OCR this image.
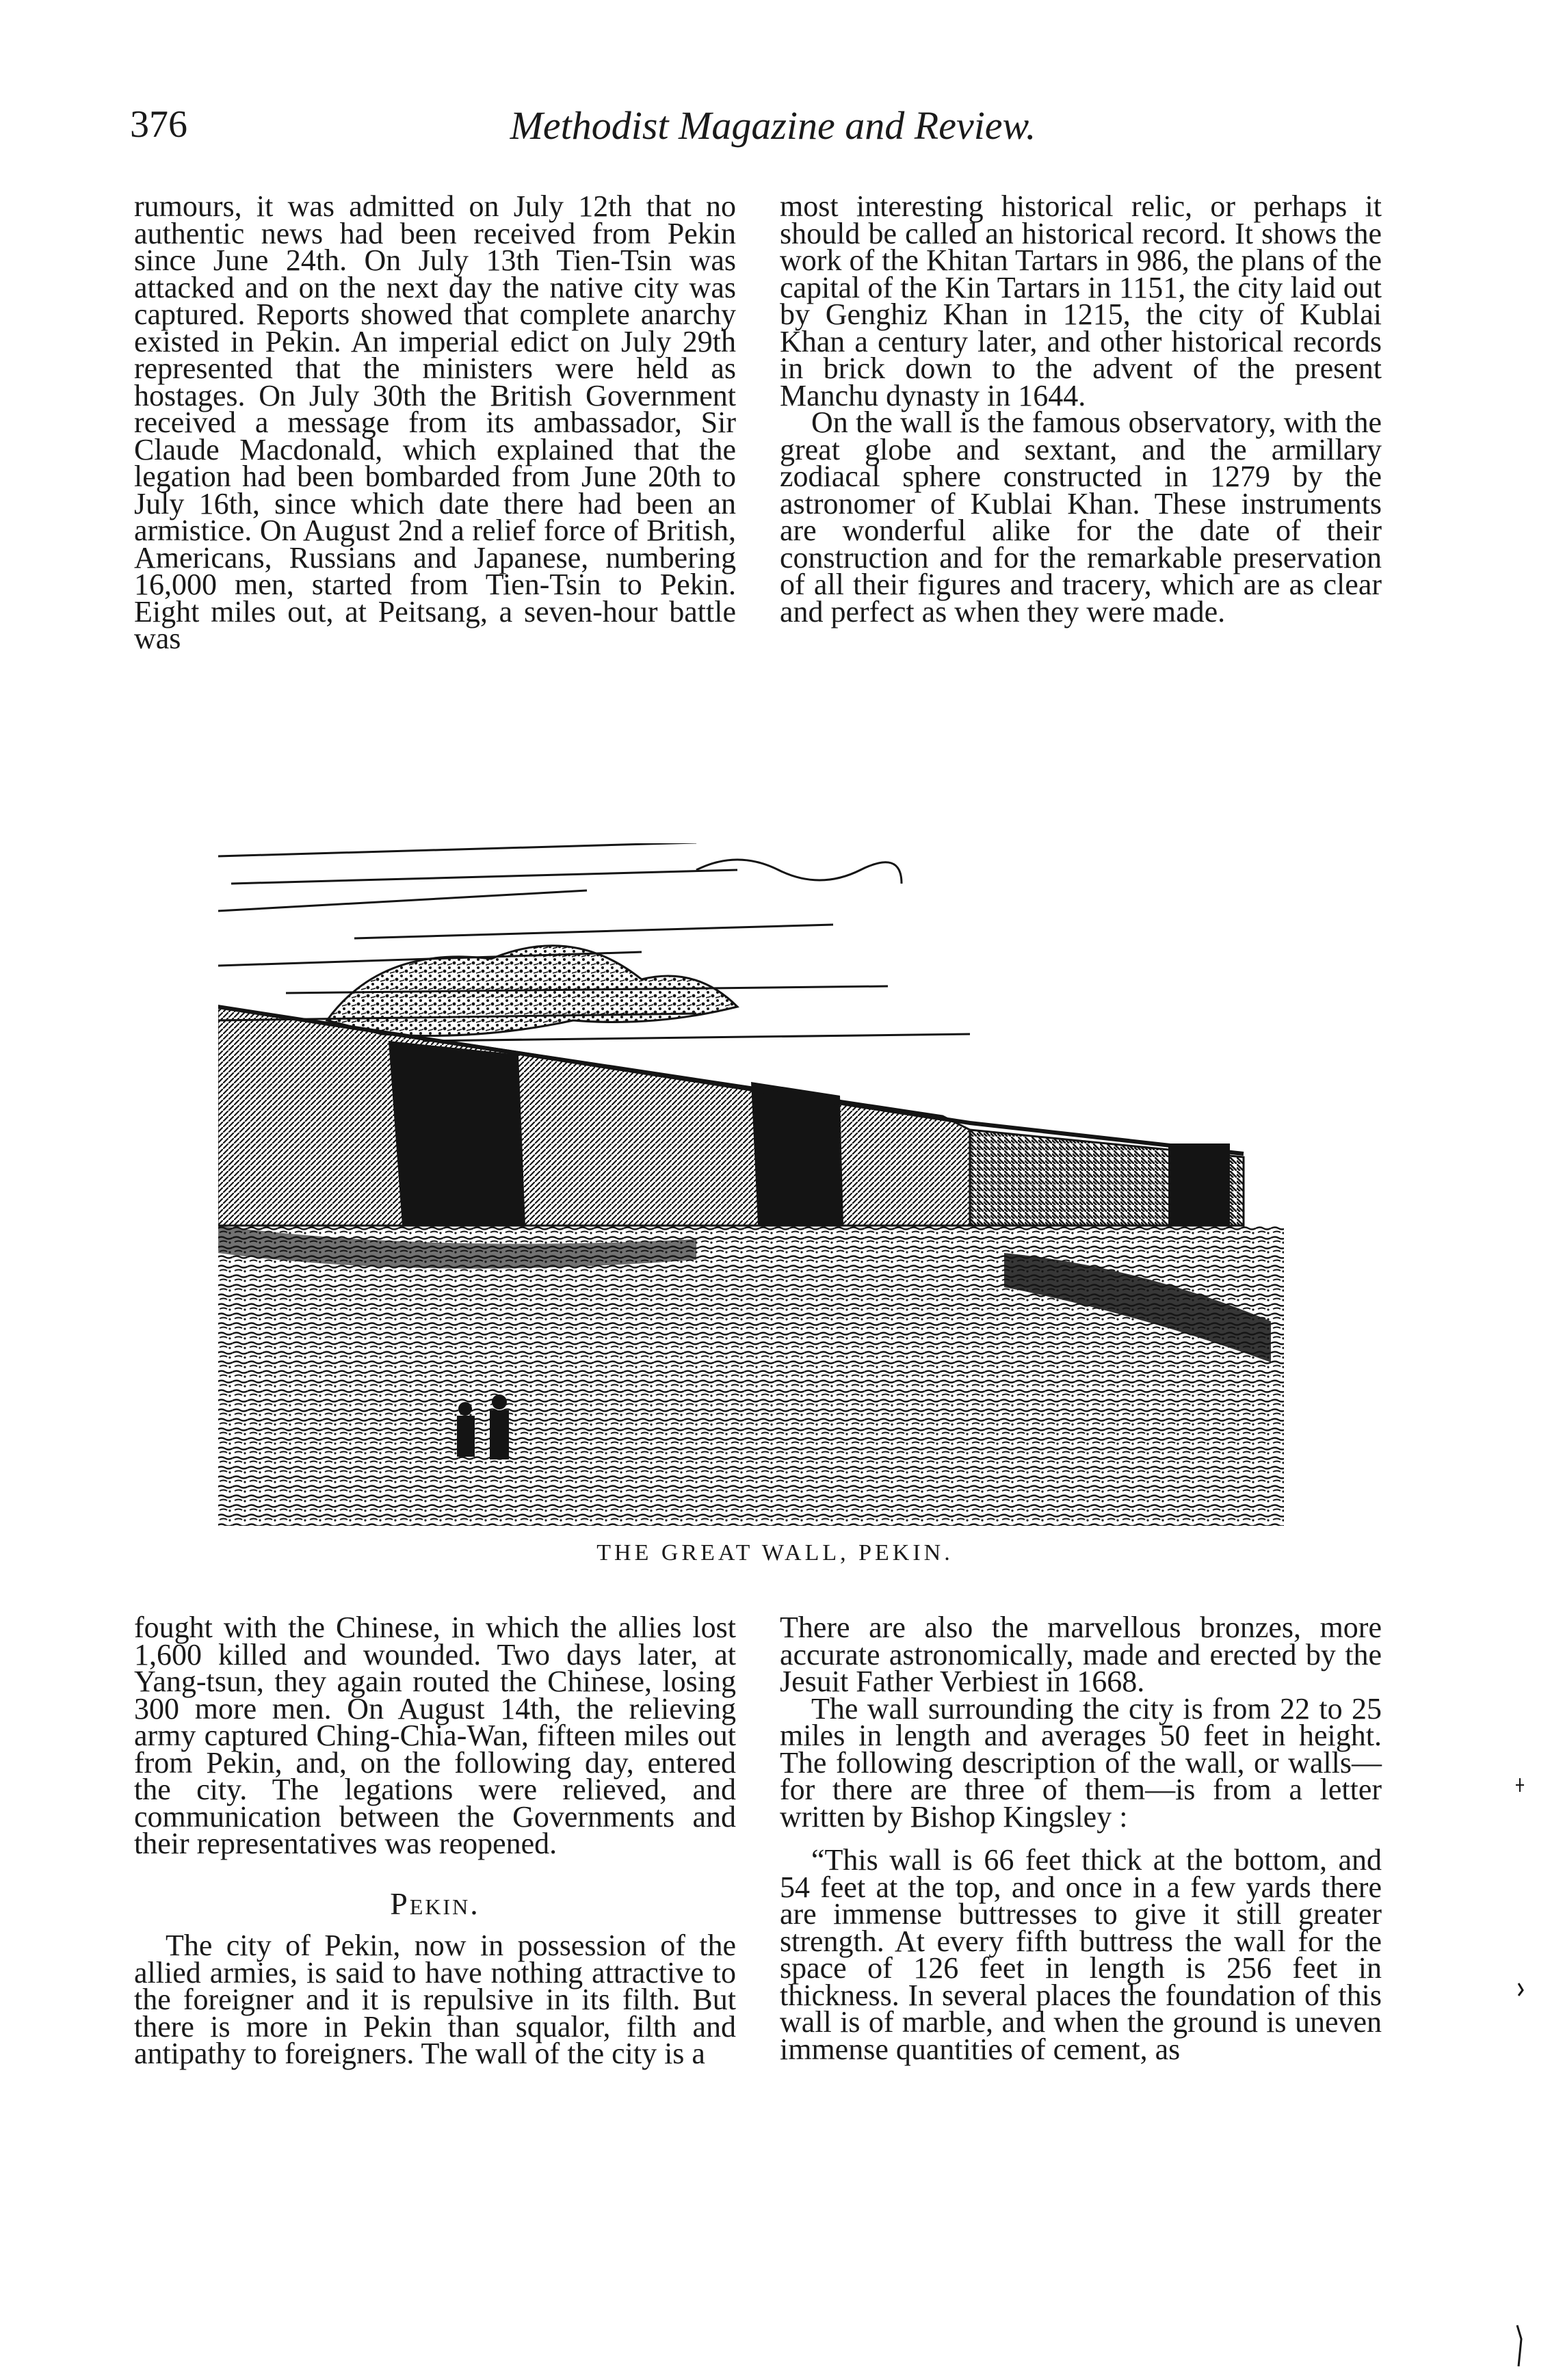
376	Methodist Magazine and Review.

rumours, it was admitted on July 12th that no authentic news had been received from Pekin since June 24th. On July 13th Tien-Tsin was attacked and on the next day the native city was captured. Reports showed that complete anarchy existed in Pekin. An imperial edict on July 29th represented that the ministers were held as hostages. On July 30th the British Government received a message from its ambassador, Sir Claude Macdonald, which explained that the legation had been bombarded from June 20th to July 16th, since which date there had been an armistice. On August 2nd a relief force of British, Americans, Russians and Japanese, numbering 16,000 men, started from Tien-Tsin to Pekin. Eight miles out, at Peitsang, a seven-hour battle was

most interesting historical relic, or perhaps it should be called an historical record. It shows the work of the Khitan Tartars in 986, the plans of the capital of the Kin Tartars in 1151, the city laid out by Genghiz Khan in 1215, the city of Kublai Khan a century later, and other historical records in brick down to the advent of the present Manchu dynasty in 1644.

On the wall is the famous observatory, with the great globe and sextant, and the armillary zodiacal sphere constructed in 1279 by the astronomer of Kublai Khan. These instruments are wonderful alike for the date of their construction and for the remarkable preservation of all their figures and tracery, which are as clear and perfect as when they were made.

THE GREAT WALL, PEKIN.

fought with the Chinese, in which the allies lost 1,600 killed and wounded. Two days later, at Yang-tsun, they again routed the Chinese, losing 300 more men. On August 14th, the relieving army captured Ching-Chia-Wan, fifteen miles out from Pekin, and, on the following day, entered the city. The legations were relieved, and communication between the Governments and their representatives was reopened.

Pekin.

The city of Pekin, now in possession of the allied armies, is said to have nothing attractive to the foreigner and it is repulsive in its filth. But there is more in Pekin than squalor, filth and antipathy to foreigners. The wall of the city is a

There are also the marvellous bronzes, more accurate astronomically, made and erected by the Jesuit Father Verbiest in 1668.

The wall surrounding the city is from 22 to 25 miles in length and averages 50 feet in height. The following description of the wall, or walls—for there are three of them—is from a letter written by Bishop Kingsley :

“This wall is 66 feet thick at the bottom, and 54 feet at the top, and once in a few yards there are immense buttresses to give it still greater strength. At every fifth buttress the wall for the space of 126 feet in length is 256 feet in thickness. In several places the foundation of this wall is of marble, and when the ground is uneven immense quantities of cement, as
